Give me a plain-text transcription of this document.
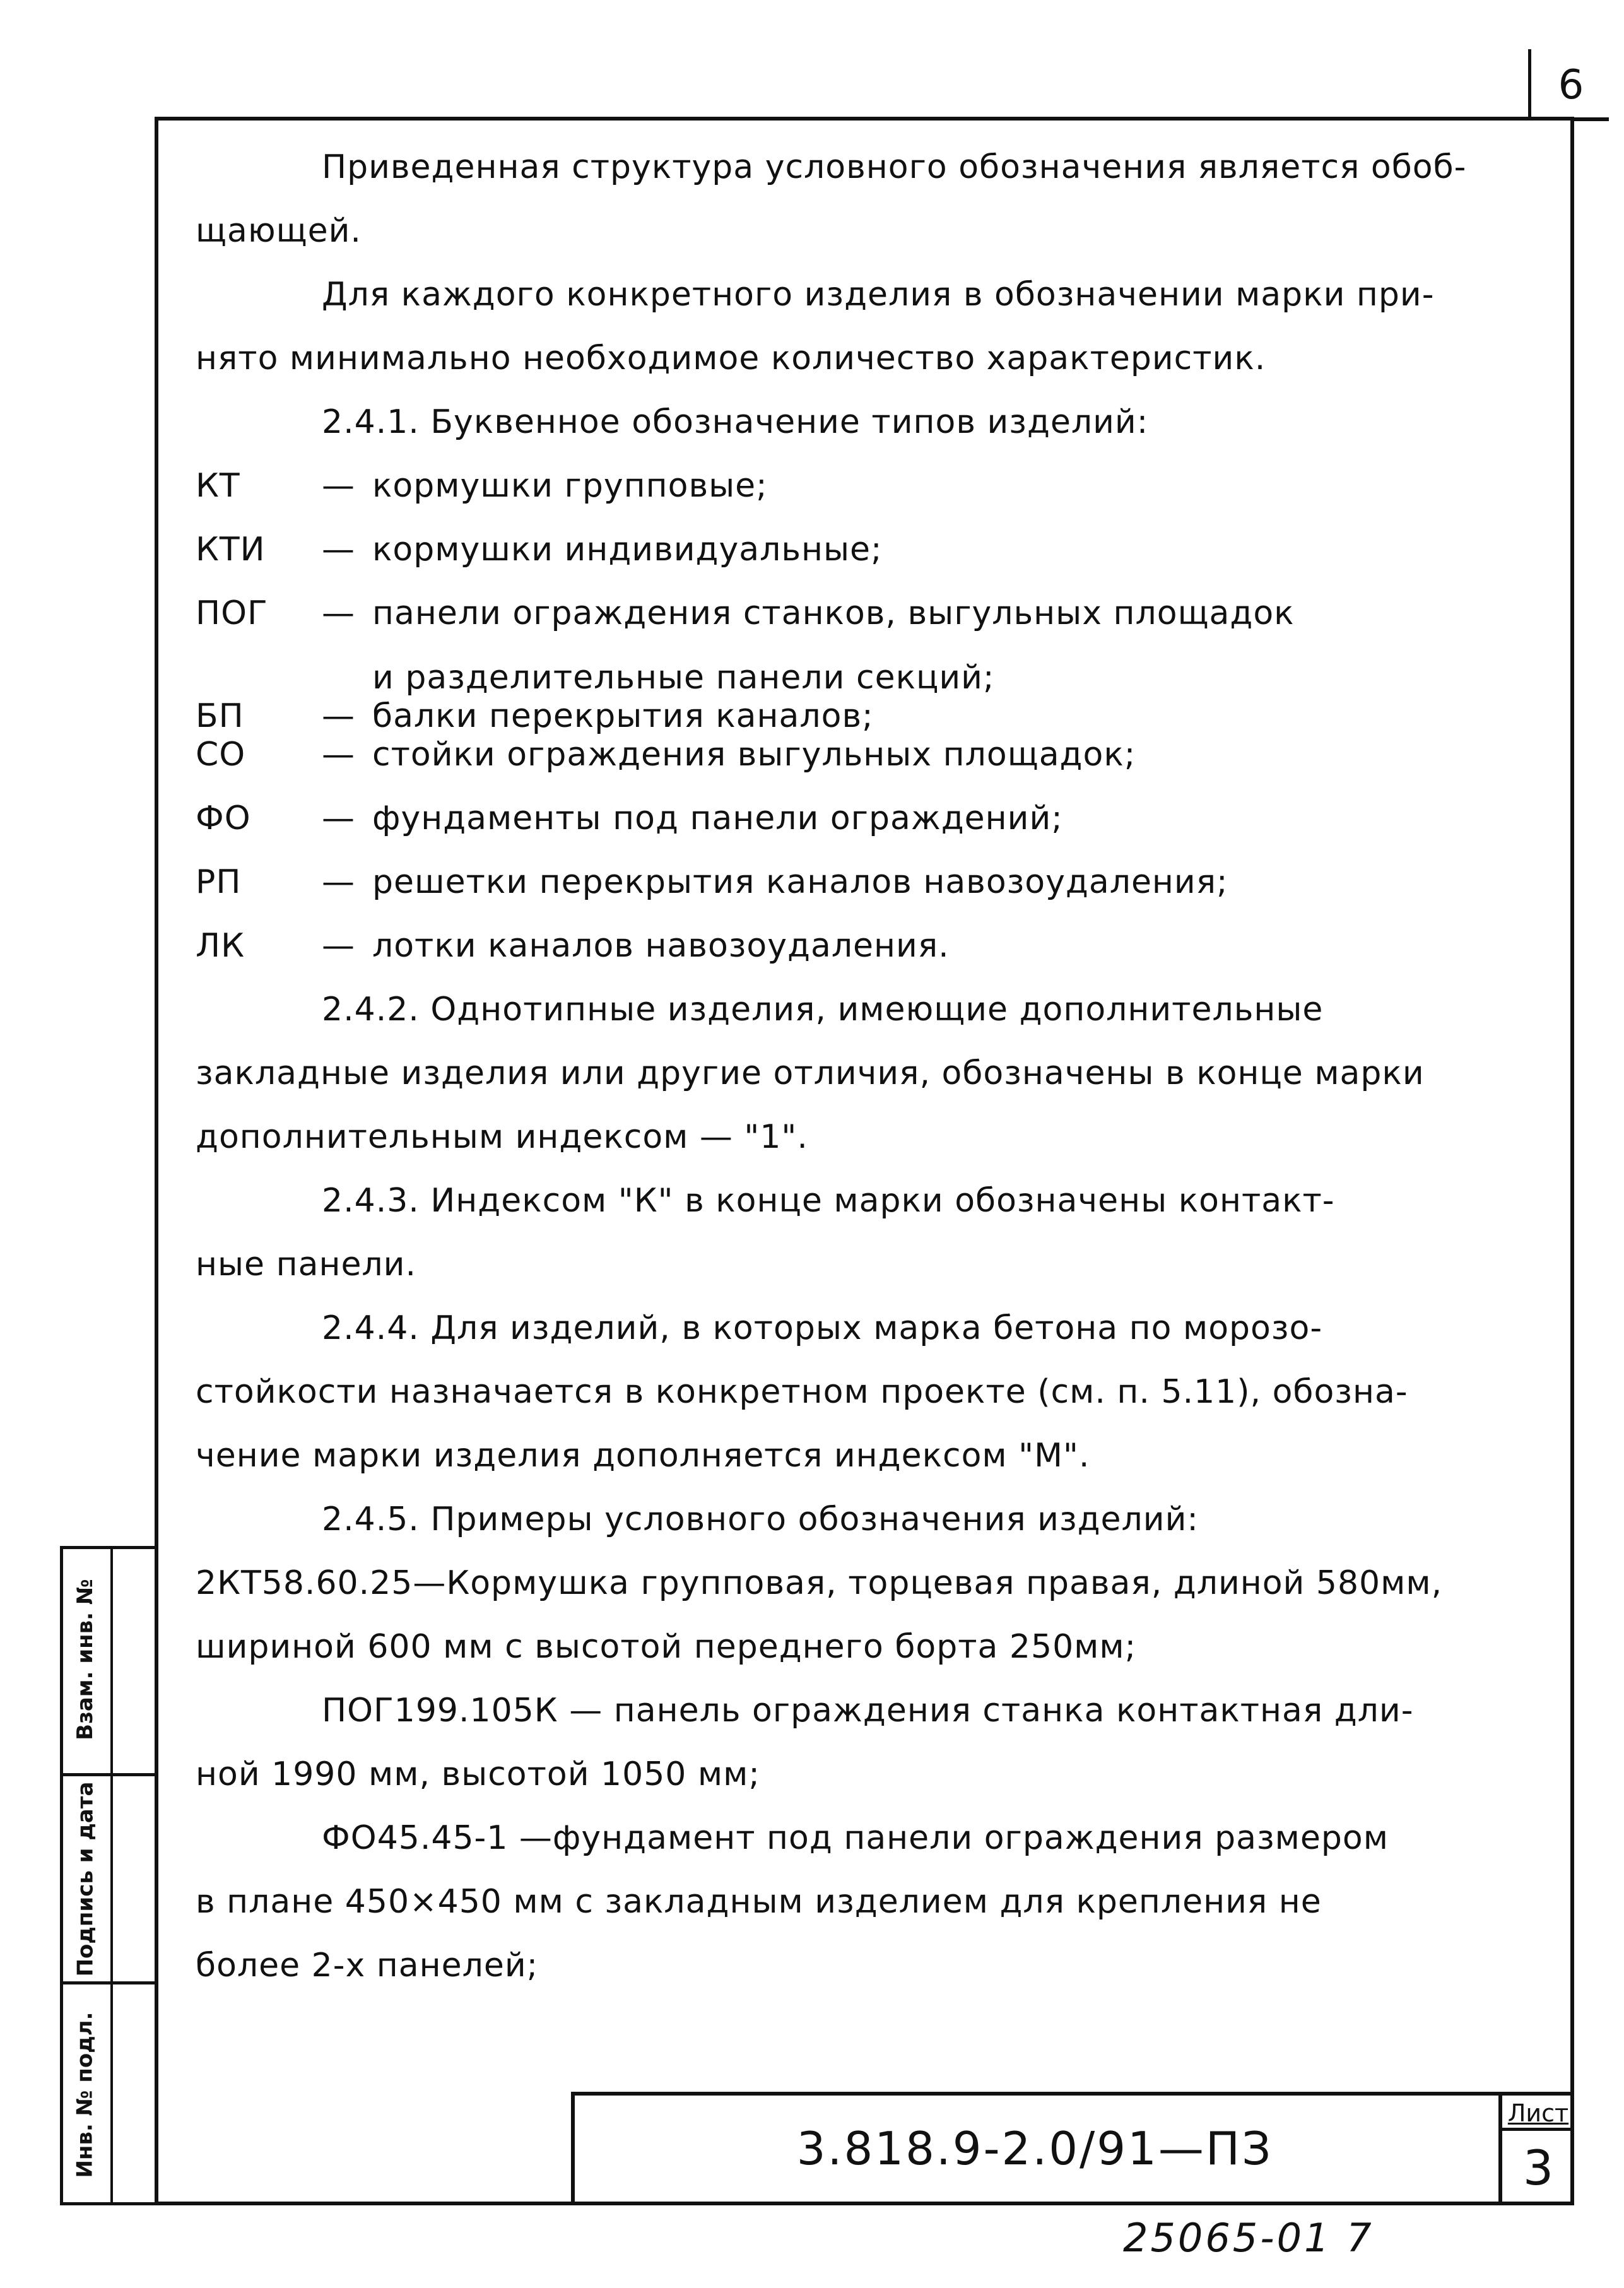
6
Приведенная структура условного обозначения является обоб-
щающей.
Для каждого конкретного изделия в обозначении марки при-
нято минимально необходимое количество характеристик.
2.4.1. Буквенное обозначение типов изделий:
КТ — кормушки групповые;
КТИ — кормушки индивидуальные;
ПОГ — панели ограждения станков, выгульных площадок
и разделительные панели секций;
БП — балки перекрытия каналов;
СО — стойки ограждения выгульных площадок;
ФО — фундаменты под панели ограждений;
РП — решетки перекрытия каналов навозоудаления;
ЛК — лотки каналов навозоудаления.
2.4.2. Однотипные изделия, имеющие дополнительные
закладные изделия или другие отличия, обозначены в конце марки
дополнительным индексом — "1".
2.4.3. Индексом "К" в конце марки обозначены контакт-
ные панели.
2.4.4. Для изделий, в которых марка бетона по морозо-
стойкости назначается в конкретном проекте (см. п. 5.11), обозна-
чение марки изделия дополняется индексом "М".
2.4.5. Примеры условного обозначения изделий:
2КТ58.60.25—Кормушка групповая, торцевая правая, длиной 580мм,
шириной 600 мм с высотой переднего борта 250мм;
ПОГ199.105К — панель ограждения станка контактная дли-
ной 1990 мм, высотой 1050 мм;
ФО45.45-1 —фундамент под панели ограждения размером
в плане 450×450 мм с закладным изделием для крепления не
более 2-х панелей;
Взам. инв. №
Подпись и дата
Инв. № подл.	3.818.9-2.0/91—ПЗ
Лист
3
25065-01 7
